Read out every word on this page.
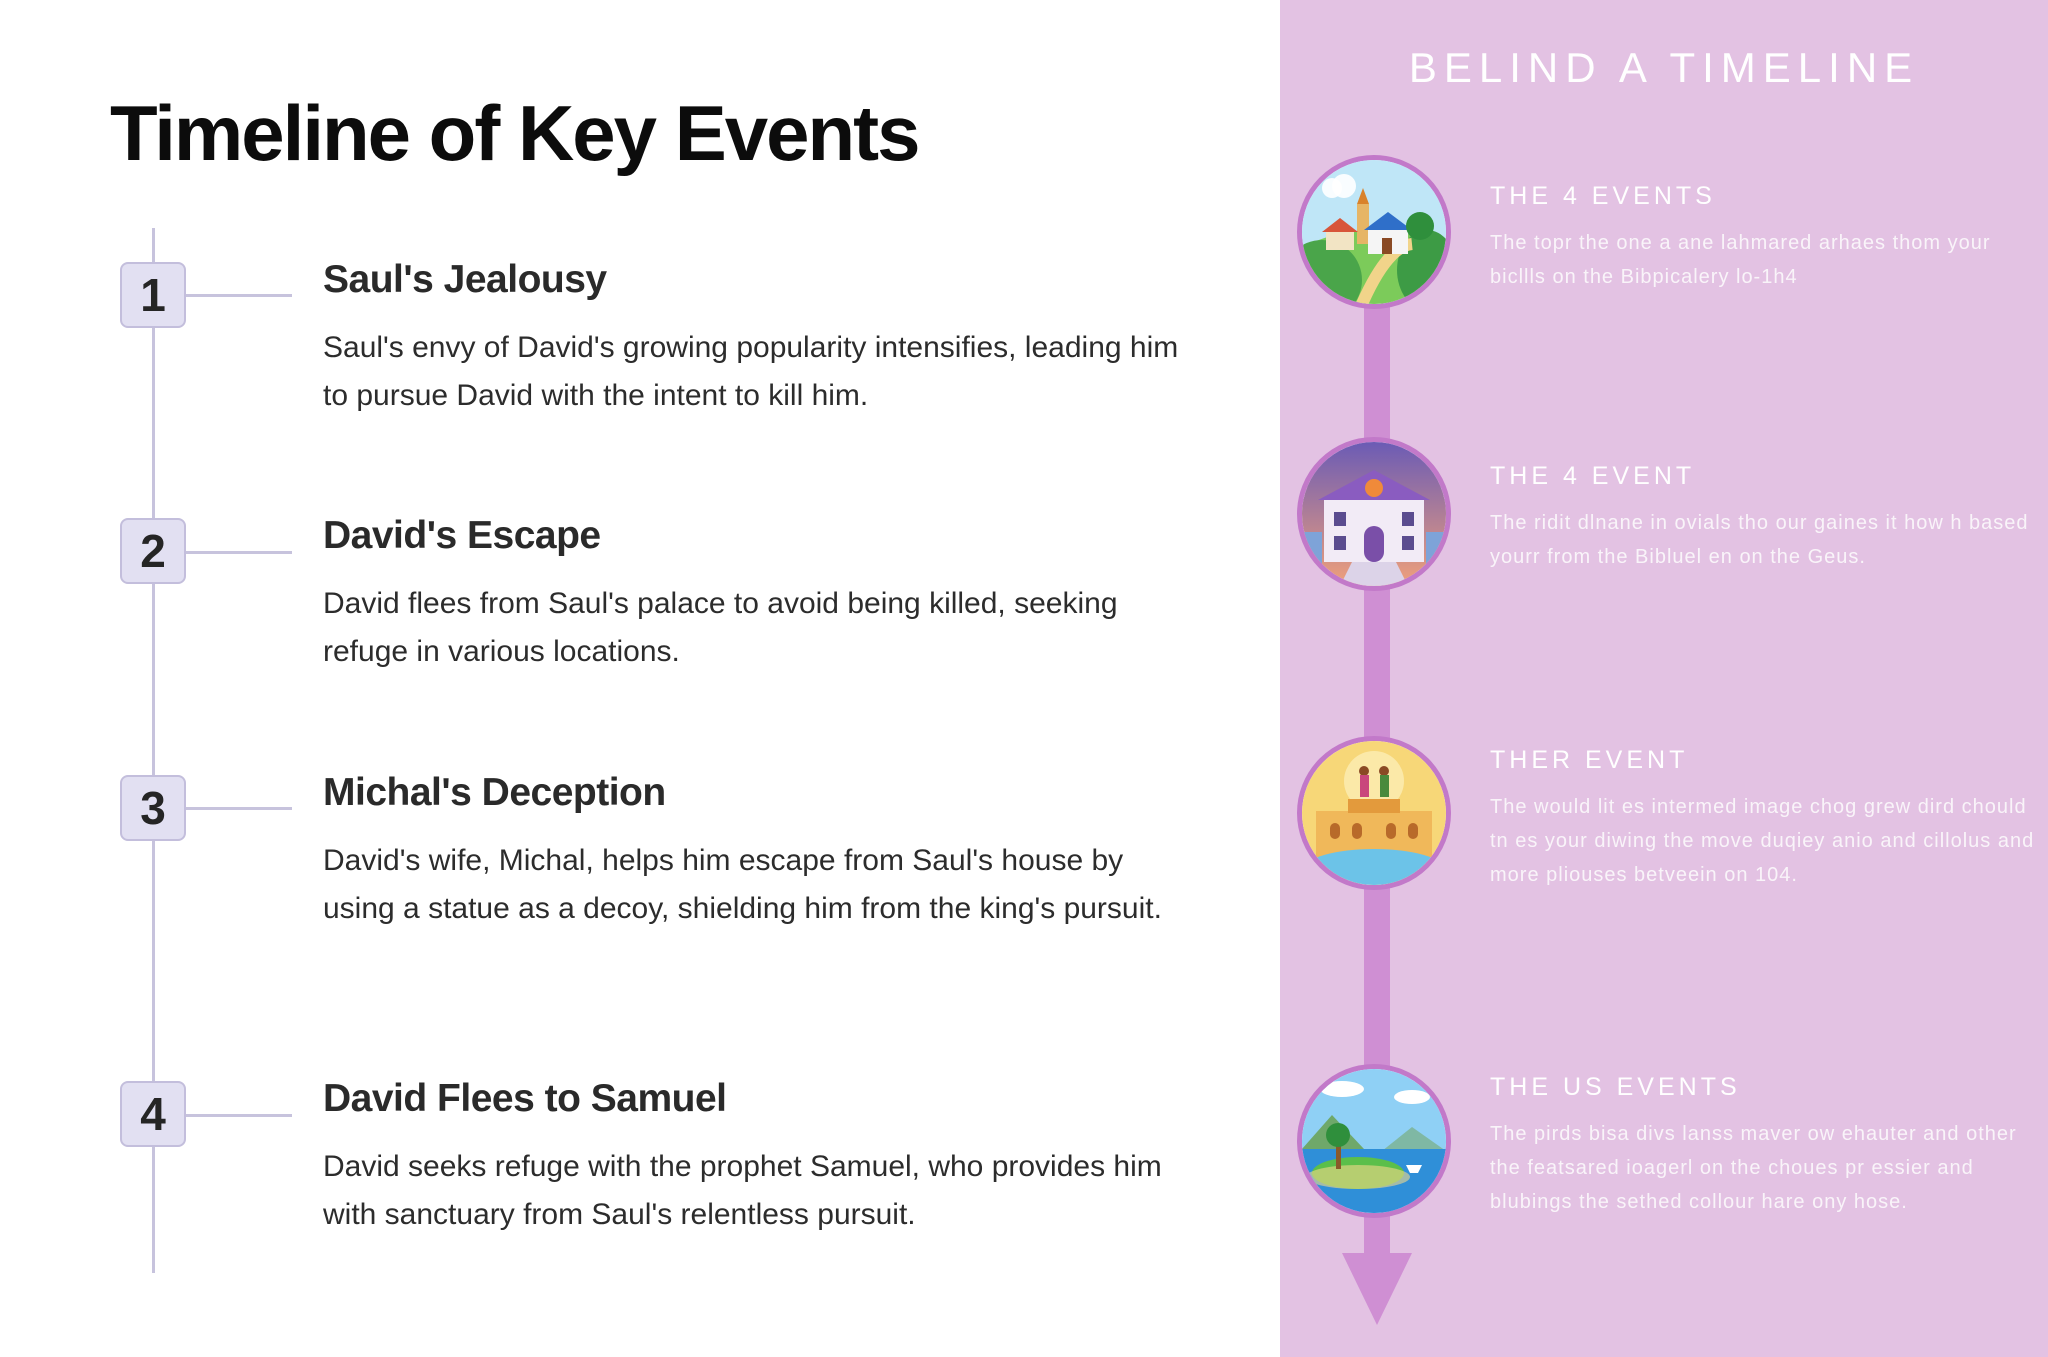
Timeline of Key Events
1	Saul's Jealousy

Saul's envy of David's growing popularity intensifies, leading him to pursue David with the intent to kill him.

2	David's Escape

David flees from Saul's palace to avoid being killed, seeking refuge in various locations.

3	Michal's Deception

David's wife, Michal, helps him escape from Saul's house by using a statue as a decoy, shielding him from the king's pursuit.

4	David Flees to Samuel

David seeks refuge with the prophet Samuel, who provides him with sanctuary from Saul's relentless pursuit.

BELIND A TIMELINE
THE 4 EVENTS

The topr the one a ane lahmared arhaes thom your bicllls on the Bibpicalery lo-1h4

THE 4 EVENT

The ridit dlnane in ovials tho our gaines it how h based yourr from the Bibluel en on the Geus.

THER EVENT

The would lit es intermed image chog grew dird chould tn es your diwing the move duqiey anio and cillolus and more pliouses betveein on 104.

THE US EVENTS

The pirds bisa divs lanss maver ow ehauter and other the featsared ioagerl on the choues pr essier and blubings the sethed collour hare ony hose.
